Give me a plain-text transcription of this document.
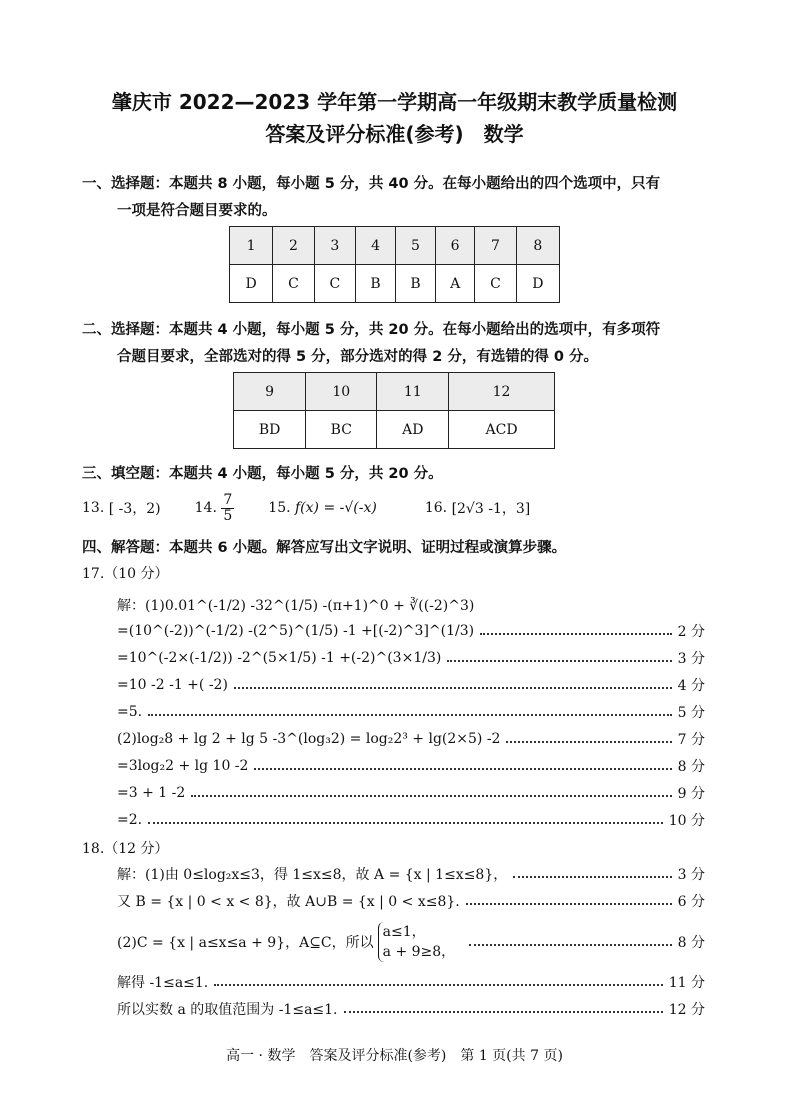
肇庆市 2022—2023 学年第一学期高一年级期末教学质量检测
答案及评分标准(参考)　数学
一、选择题：本题共 8 小题，每小题 5 分，共 40 分。在每小题给出的四个选项中，只有
一项是符合题目要求的。
1	2	3	4	5	6	7	8
D	C	C	B	B	A	C	D
二、选择题：本题共 4 小题，每小题 5 分，共 20 分。在每小题给出的选项中，有多项符
合题目要求，全部选对的得 5 分，部分选对的得 2 分，有选错的得 0 分。
9	10	11	12
BD	BC	AD	ACD
三、填空题：本题共 4 小题，每小题 5 分，共 20 分。
13.
[ -3，2) 14.
$\frac{7}{5} 15$.
f(x) = -√(-x)	16.
[2√3 -1，3]
四、解答题：本题共 6 小题。解答应写出文字说明、证明过程或演算步骤。
17.（10 分）
解：(1)0.01^(-1/2) -32^(1/5) -(π+1)^0 + ∛((-2)^3)
=(10^(-2))^(-1/2) -(2^5)^(1/5) -1 +[(-2)^3]^(1/3)	2 分
=10^(-2×(-1/2)) -2^(5×1/5) -1 +(-2)^(3×1/3)	3 分
=10 -2 -1 +( -2)	4 分
=5.	5 分
(2)log₂8 + lg 2 + lg 5 -3^(log₃2) = log₂2³ + lg(2×5) -2	7 分
=3log₂2 + lg 10 -2	8 分
=3 + 1 -2	9 分
=2.	10 分
18.（12 分）
解：(1)由 0≤log₂x≤3，得 1≤x≤8，故 A = {x | 1≤x≤8}，	3 分
又 B = {x | 0 < x < 8}，故 A∪B = {x | 0 < x≤8}.	6 分
(2)C = {x | a≤x≤a + 9}，A⊆C，所以
a≤1，
a + 9≥8，
8 分
解得 -1≤a≤1.	11 分
所以实数 a 的取值范围为 -1≤a≤1.	12 分
高一 · 数学　答案及评分标准(参考)　第 1 页(共 7 页)
